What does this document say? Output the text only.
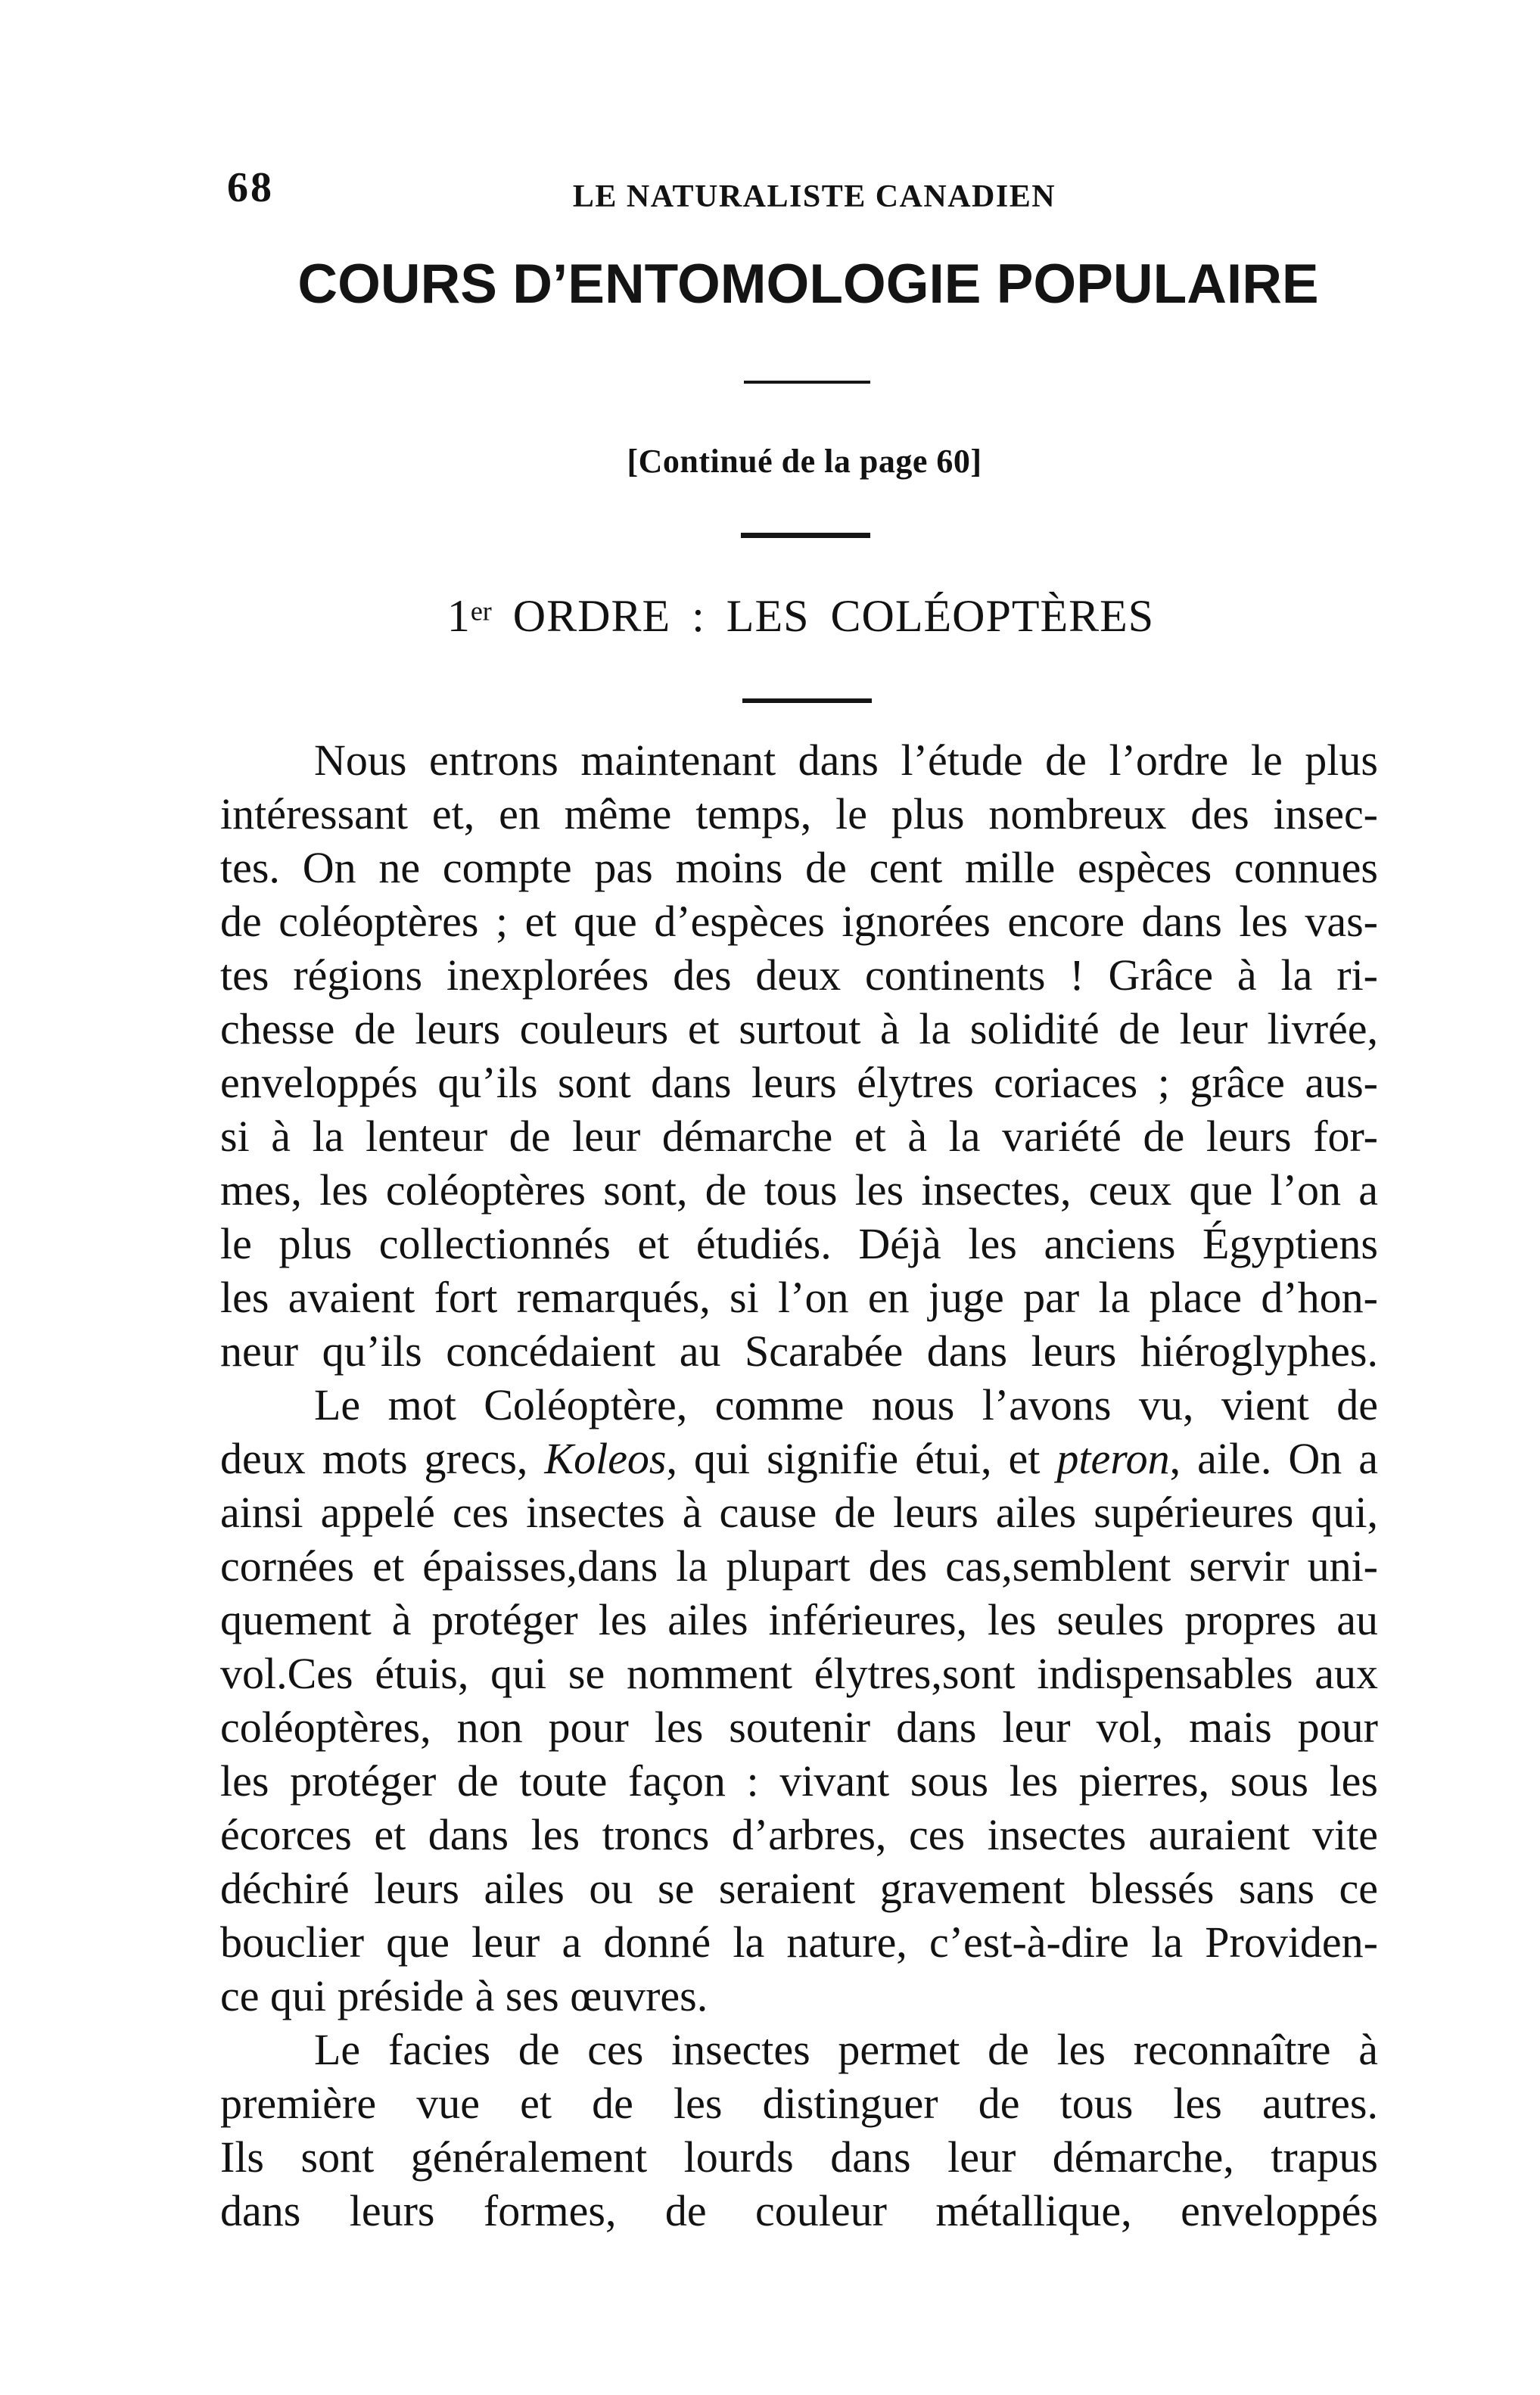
68	LE NATURALISTE CANADIEN
COURS D’ENTOMOLOGIE POPULAIRE
[Continué de la page 60]
1er ORDRE : LES COLÉOPTÈRES
Nous entrons maintenant dans l’étude de l’ordre le plus
intéressant et, en même temps, le plus nombreux des insec-
tes. On ne compte pas moins de cent mille espèces connues
de coléoptères ; et que d’espèces ignorées encore dans les vas-
tes régions inexplorées des deux continents ! Grâce à la ri-
chesse de leurs couleurs et surtout à la solidité de leur livrée,
enveloppés qu’ils sont dans leurs élytres coriaces ; grâce aus-
si à la lenteur de leur démarche et à la variété de leurs for-
mes, les coléoptères sont, de tous les insectes, ceux que l’on a
le plus collectionnés et étudiés. Déjà les anciens Égyptiens
les avaient fort remarqués, si l’on en juge par la place d’hon-
neur qu’ils concédaient au Scarabée dans leurs hiéroglyphes.
Le mot Coléoptère, comme nous l’avons vu, vient de
deux mots grecs, Koleos, qui signifie étui, et pteron, aile. On a
ainsi appelé ces insectes à cause de leurs ailes supérieures qui,
cornées et épaisses,dans la plupart des cas,semblent servir uni-
quement à protéger les ailes inférieures, les seules propres au
vol.Ces étuis, qui se nomment élytres,sont indispensables aux
coléoptères, non pour les soutenir dans leur vol, mais pour
les protéger de toute façon : vivant sous les pierres, sous les
écorces et dans les troncs d’arbres, ces insectes auraient vite
déchiré leurs ailes ou se seraient gravement blessés sans ce
bouclier que leur a donné la nature, c’est-à-dire la Providen-
ce qui préside à ses œuvres.
Le facies de ces insectes permet de les reconnaître à
première vue et de les distinguer de tous les autres.
Ils sont généralement lourds dans leur démarche, trapus
dans leurs formes, de couleur métallique, enveloppés
